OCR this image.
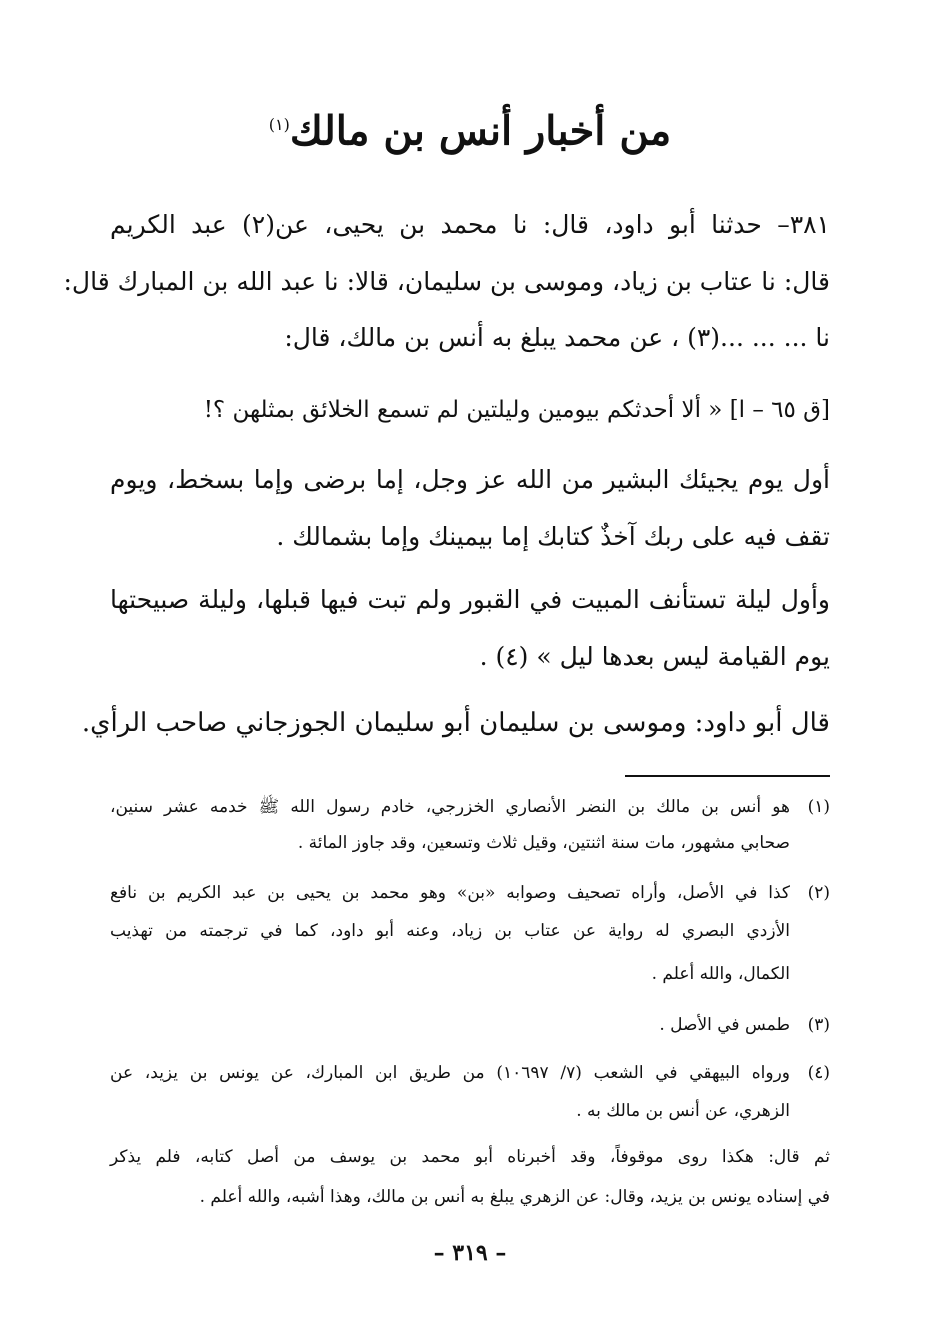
من أخبار أنس بن مالك$^{(١)}$
٣٨١– حدثنا أبو داود، قال: نا محمد بن يحيى، عن(٢) عبد الكريم
قال: نا عتاب بن زياد، وموسى بن سليمان، قالا: نا عبد الله بن المبارك قال:
نا ... ... ...(٣) ، عن محمد يبلغ به أنس بن مالك، قال:
[ق ٦٥ – ا] « ألا أحدثكم بيومين وليلتين لم تسمع الخلائق بمثلهن ؟!
أول يوم يجيئك البشير من الله عز وجل، إما برضى وإما بسخط، ويوم
تقف فيه على ربك آخذٌ كتابك إما بيمينك وإما بشمالك .
وأول ليلة تستأنف المبيت في القبور ولم تبت فيها قبلها، وليلة صبيحتها
يوم القيامة ليس بعدها ليل » (٤) .
قال أبو داود: وموسى بن سليمان أبو سليمان الجوزجاني صاحب الرأي.
(١)هو أنس بن مالك بن النضر الأنصاري الخزرجي، خادم رسول الله ﷺ خدمه عشر سنين،
صحابي مشهور، مات سنة اثنتين، وقيل ثلاث وتسعين، وقد جاوز المائة .
(٢)كذا في الأصل، وأراه تصحيف وصوابه «بن» وهو محمد بن يحيى بن عبد الكريم بن نافع
الأزدي البصري له رواية عن عتاب بن زياد، وعنه أبو داود، كما في ترجمته من تهذيب
الكمال، والله أعلم .
(٣)طمس في الأصل .
(٤)ورواه البيهقي في الشعب (٧/ ١٠٦٩٧) من طريق ابن المبارك، عن يونس بن يزيد، عن
الزهري، عن أنس بن مالك به .
ثم قال: هكذا روى موقوفاً، وقد أخبرناه أبو محمد بن يوسف من أصل كتابه، فلم يذكر
في إسناده يونس بن يزيد، وقال: عن الزهري يبلغ به أنس بن مالك، وهذا أشبه، والله أعلم .
– ٣١٩ –
